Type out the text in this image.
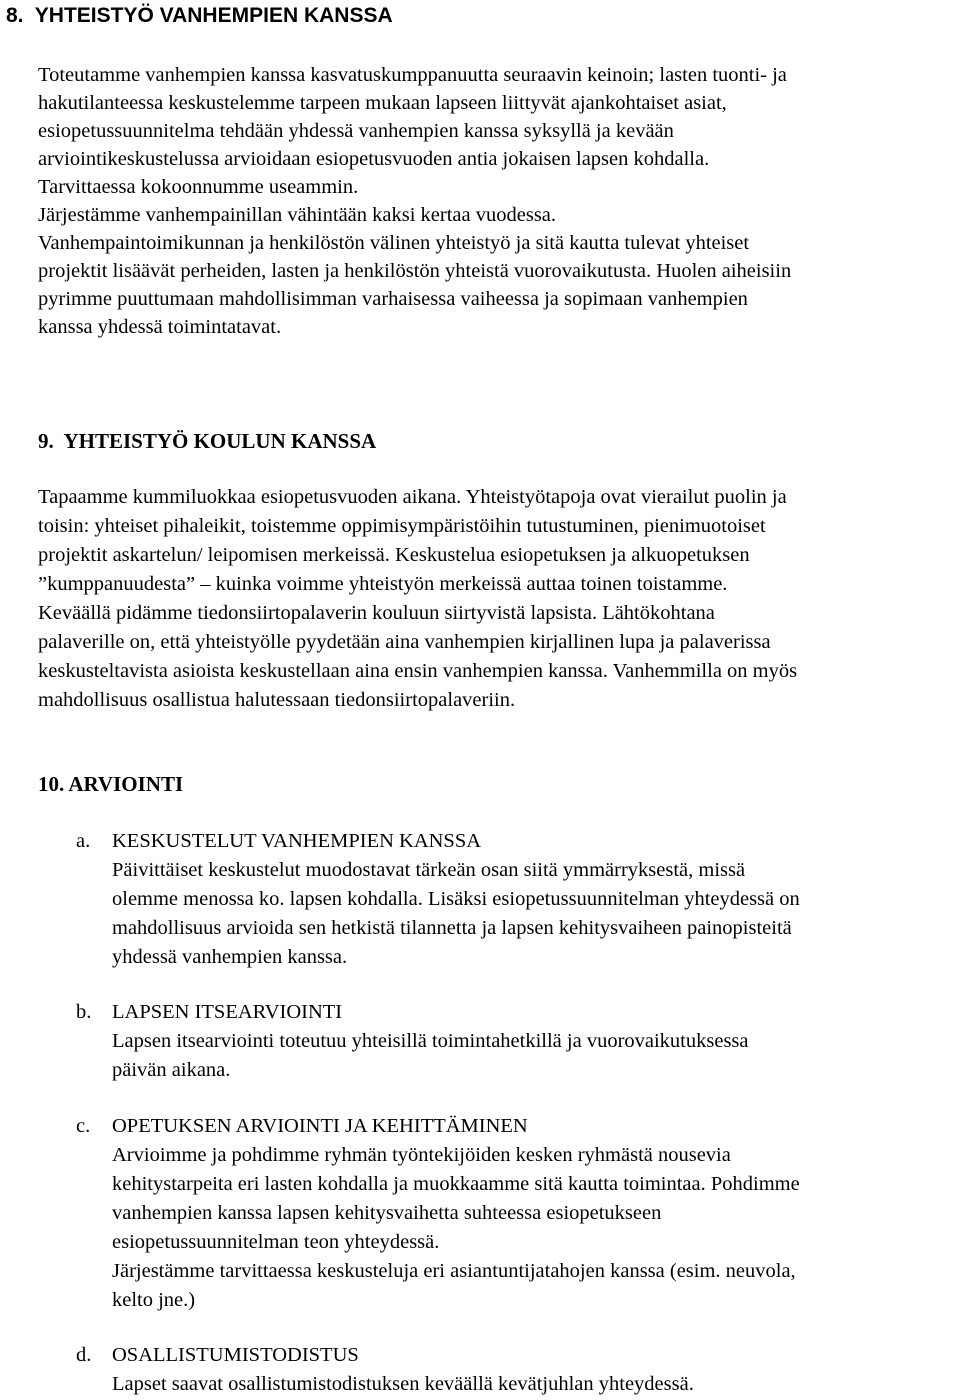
8.  YHTEISTYÖ VANHEMPIEN KANSSA
Toteutamme vanhempien kanssa kasvatuskumppanuutta seuraavin keinoin; lasten tuonti- ja
hakutilanteessa keskustelemme tarpeen mukaan lapseen liittyvät ajankohtaiset asiat,
esiopetussuunnitelma tehdään yhdessä vanhempien kanssa syksyllä ja kevään
arviointikeskustelussa arvioidaan esiopetusvuoden antia jokaisen lapsen kohdalla.
Tarvittaessa kokoonnumme useammin.
Järjestämme vanhempainillan vähintään kaksi kertaa vuodessa.
Vanhempaintoimikunnan ja henkilöstön välinen yhteistyö ja sitä kautta tulevat yhteiset
projektit lisäävät perheiden, lasten ja henkilöstön yhteistä vuorovaikutusta. Huolen aiheisiin
pyrimme puuttumaan mahdollisimman varhaisessa vaiheessa ja sopimaan vanhempien
kanssa yhdessä toimintatavat.
9.  YHTEISTYÖ KOULUN KANSSA
Tapaamme kummiluokkaa esiopetusvuoden aikana. Yhteistyötapoja ovat vierailut puolin ja
toisin: yhteiset pihaleikit, toistemme oppimisympäristöihin tutustuminen, pienimuotoiset
projektit askartelun/ leipomisen merkeissä. Keskustelua esiopetuksen ja alkuopetuksen
”kumppanuudesta” – kuinka voimme yhteistyön merkeissä auttaa toinen toistamme.
Keväällä pidämme tiedonsiirtopalaverin kouluun siirtyvistä lapsista. Lähtökohtana
palaverille on, että yhteistyölle pyydetään aina vanhempien kirjallinen lupa ja palaverissa
keskusteltavista asioista keskustellaan aina ensin vanhempien kanssa. Vanhemmilla on myös
mahdollisuus osallistua halutessaan tiedonsiirtopalaveriin.
10. ARVIOINTI
a. KESKUSTELUT VANHEMPIEN KANSSA
Päivittäiset keskustelut muodostavat tärkeän osan siitä ymmärryksestä, missä
olemme menossa ko. lapsen kohdalla. Lisäksi esiopetussuunnitelman yhteydessä on
mahdollisuus arvioida sen hetkistä tilannetta ja lapsen kehitysvaiheen painopisteitä
yhdessä vanhempien kanssa.
b. LAPSEN ITSEARVIOINTI
Lapsen itsearviointi toteutuu yhteisillä toimintahetkillä ja vuorovaikutuksessa
päivän aikana.
c. OPETUKSEN ARVIOINTI JA KEHITTÄMINEN
Arvioimme ja pohdimme ryhmän työntekijöiden kesken ryhmästä nousevia
kehitystarpeita eri lasten kohdalla ja muokkaamme sitä kautta toimintaa. Pohdimme
vanhempien kanssa lapsen kehitysvaihetta suhteessa esiopetukseen
esiopetussuunnitelman teon yhteydessä.
Järjestämme tarvittaessa keskusteluja eri asiantuntijatahojen kanssa (esim. neuvola,
kelto jne.)
d. OSALLISTUMISTODISTUS
Lapset saavat osallistumistodistuksen keväällä kevätjuhlan yhteydessä.
